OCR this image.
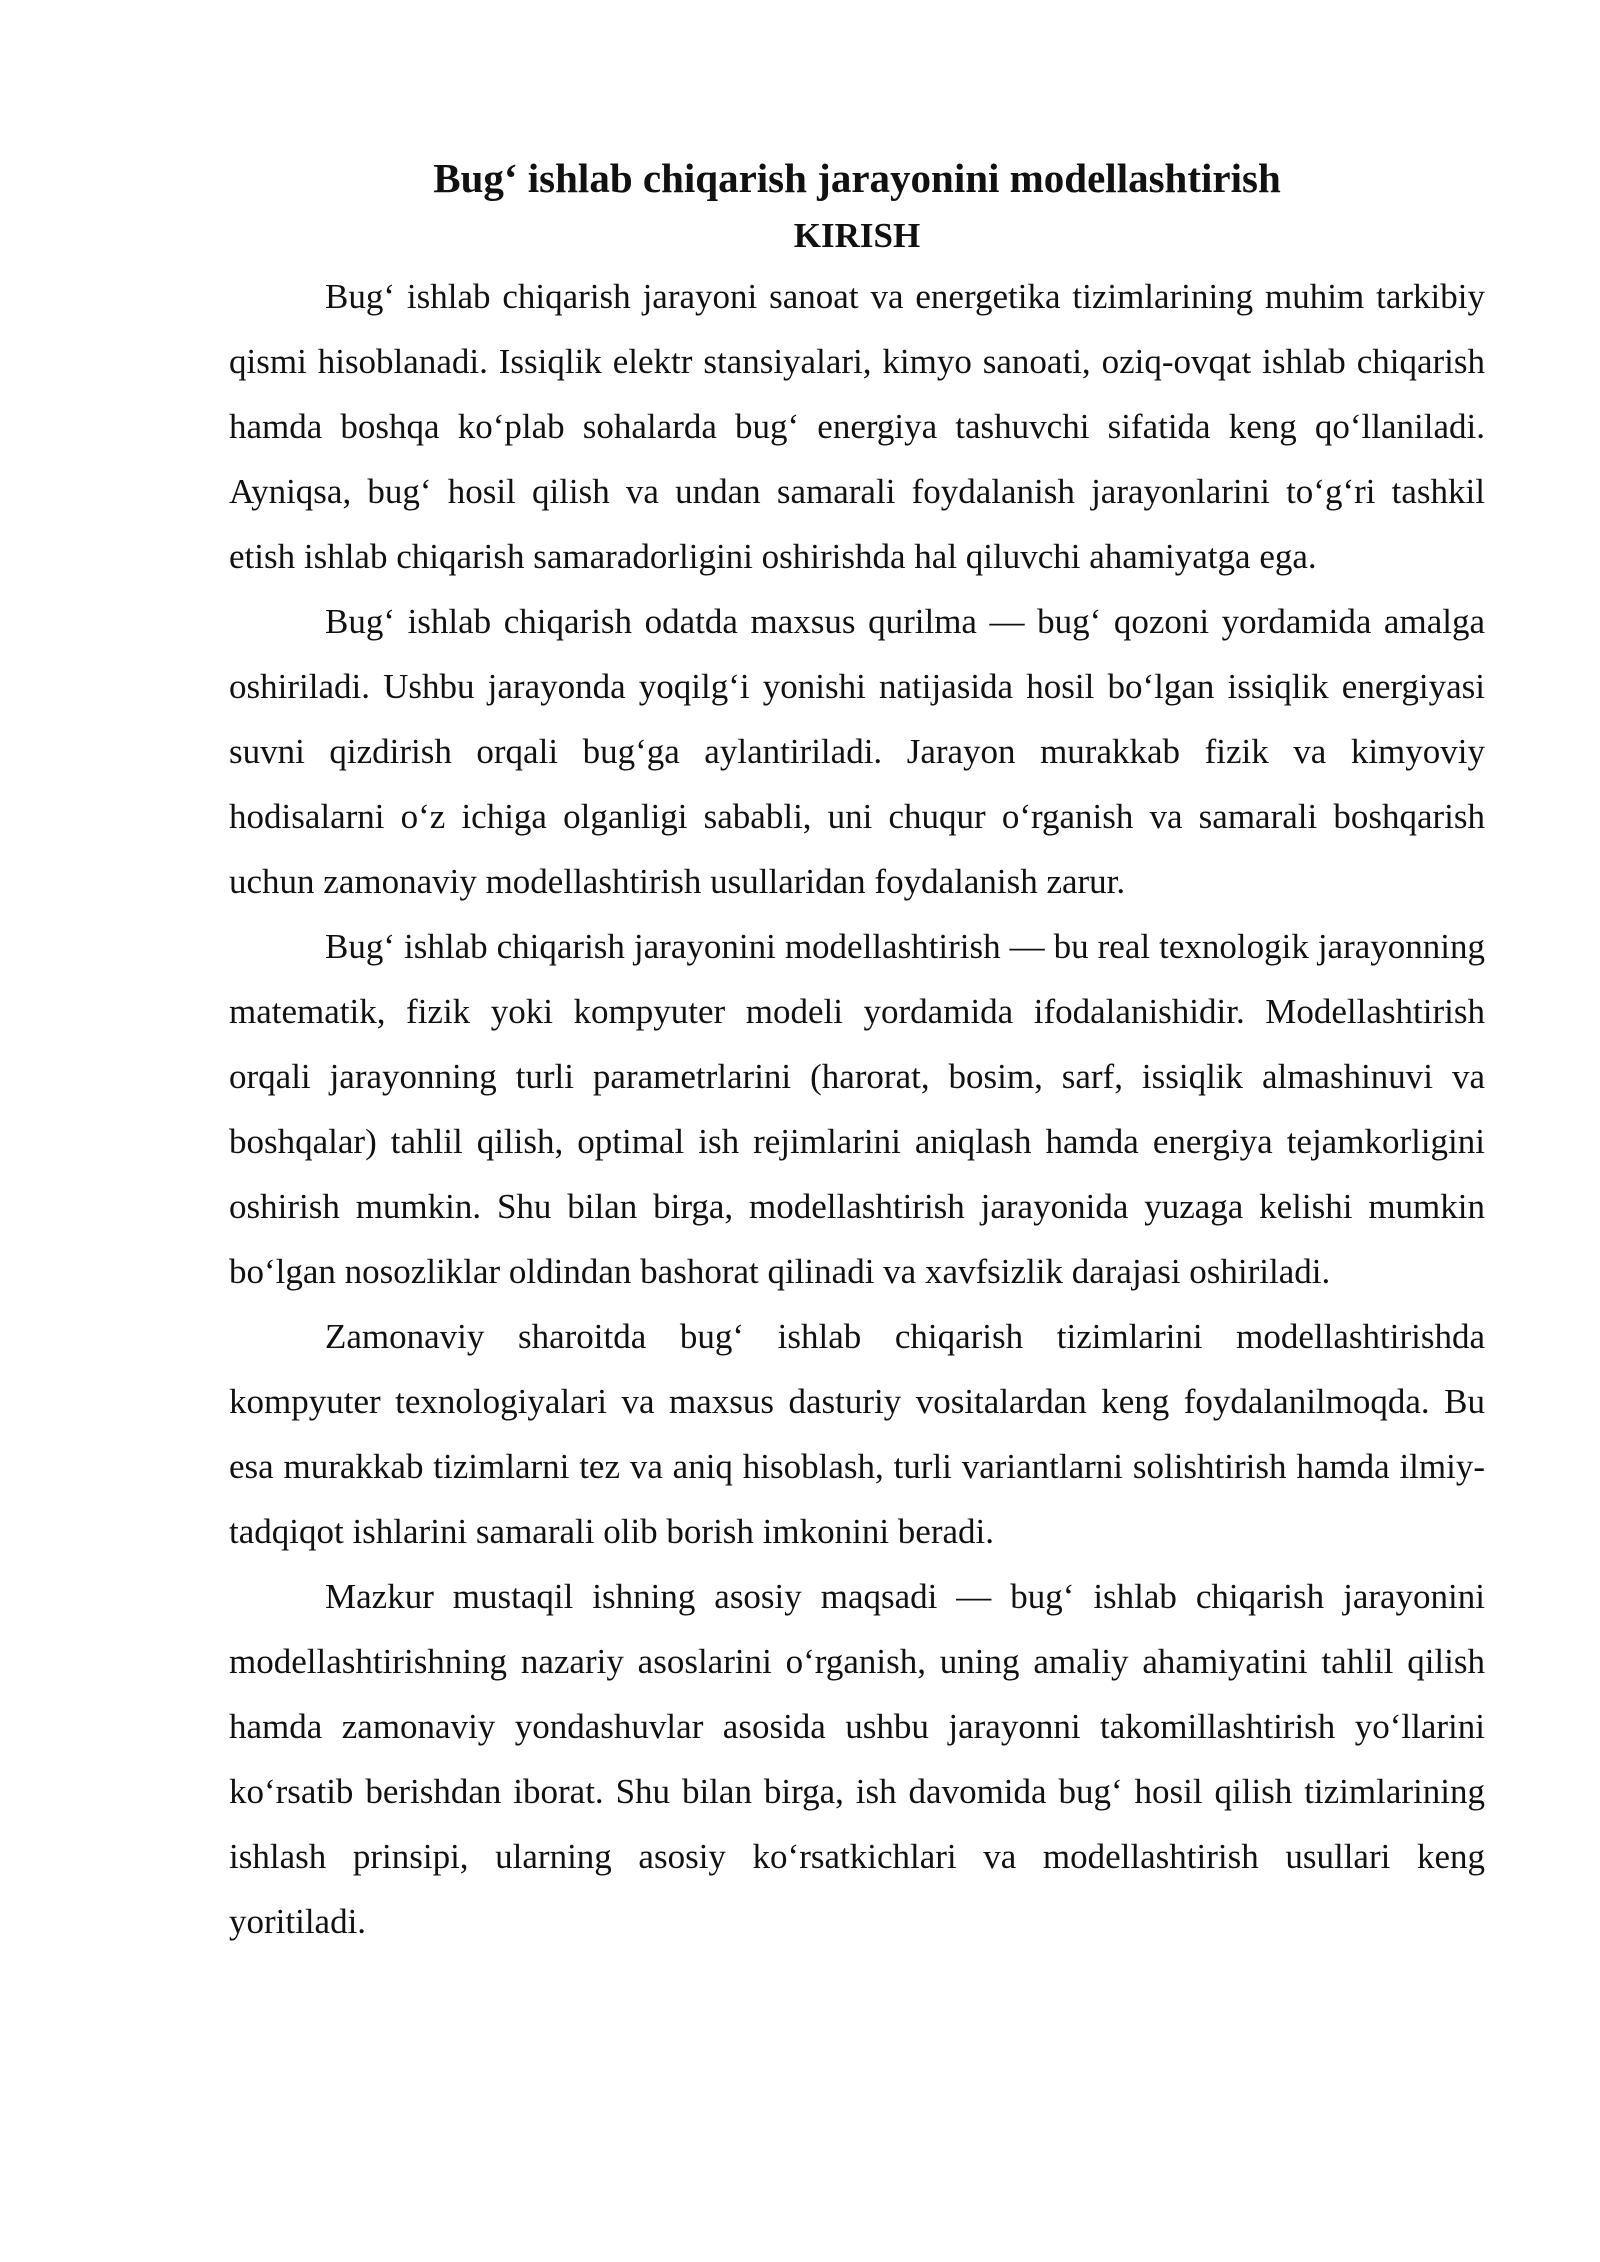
Bug‘ ishlab chiqarish jarayonini modellashtirish
KIRISH

Bug‘ ishlab chiqarish jarayoni sanoat va energetika tizimlarining muhim tarkibiy qismi hisoblanadi. Issiqlik elektr stansiyalari, kimyo sanoati, oziq-ovqat ishlab chiqarish hamda boshqa ko‘plab sohalarda bug‘ energiya tashuvchi sifatida keng qo‘llaniladi. Ayniqsa, bug‘ hosil qilish va undan samarali foydalanish jarayonlarini to‘g‘ri tashkil etish ishlab chiqarish samaradorligini oshirishda hal qiluvchi ahamiyatga ega.

Bug‘ ishlab chiqarish odatda maxsus qurilma — bug‘ qozoni yordamida amalga oshiriladi. Ushbu jarayonda yoqilg‘i yonishi natijasida hosil bo‘lgan issiqlik energiyasi suvni qizdirish orqali bug‘ga aylantiriladi. Jarayon murakkab fizik va kimyoviy hodisalarni o‘z ichiga olganligi sababli, uni chuqur o‘rganish va samarali boshqarish uchun zamonaviy modellashtirish usullaridan foydalanish zarur.

Bug‘ ishlab chiqarish jarayonini modellashtirish — bu real texnologik jarayonning matematik, fizik yoki kompyuter modeli yordamida ifodalanishidir. Modellashtirish orqali jarayonning turli parametrlarini (harorat, bosim, sarf, issiqlik almashinuvi va boshqalar) tahlil qilish, optimal ish rejimlarini aniqlash hamda energiya tejamkorligini oshirish mumkin. Shu bilan birga, modellashtirish jarayonida yuzaga kelishi mumkin bo‘lgan nosozliklar oldindan bashorat qilinadi va xavfsizlik darajasi oshiriladi.

Zamonaviy sharoitda bug‘ ishlab chiqarish tizimlarini modellashtirishda kompyuter texnologiyalari va maxsus dasturiy vositalardan keng foydalanilmoqda. Bu esa murakkab tizimlarni tez va aniq hisoblash, turli variantlarni solishtirish hamda ilmiy-tadqiqot ishlarini samarali olib borish imkonini beradi.

Mazkur mustaqil ishning asosiy maqsadi — bug‘ ishlab chiqarish jarayonini modellashtirishning nazariy asoslarini o‘rganish, uning amaliy ahamiyatini tahlil qilish hamda zamonaviy yondashuvlar asosida ushbu jarayonni takomillashtirish yo‘llarini ko‘rsatib berishdan iborat. Shu bilan birga, ish davomida bug‘ hosil qilish tizimlarining ishlash prinsipi, ularning asosiy ko‘rsatkichlari va modellashtirish usullari keng yoritiladi.
